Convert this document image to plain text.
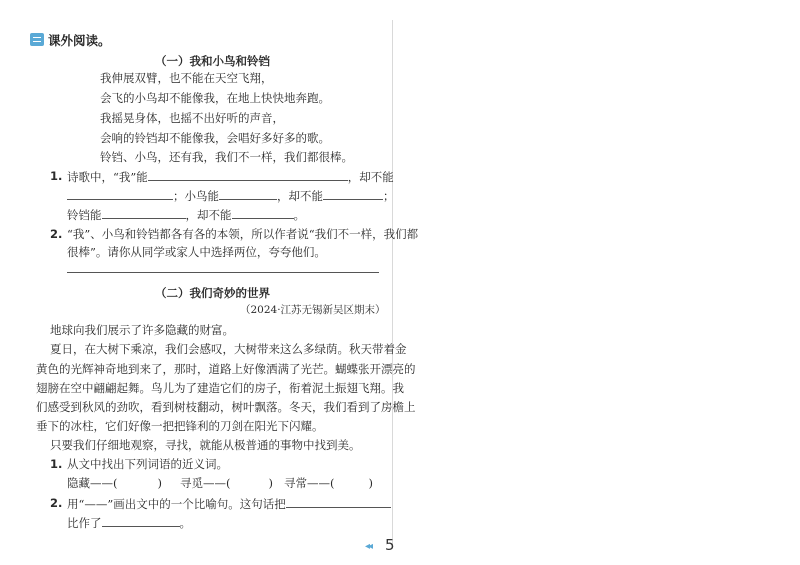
课外阅读。
（一）我和小鸟和铃铛
我伸展双臂，也不能在天空飞翔，
会飞的小鸟却不能像我，在地上快快地奔跑。
我摇晃身体，也摇不出好听的声音，
会响的铃铛却不能像我，会唱好多好多的歌。
铃铛、小鸟，还有我，我们不一样，我们都很棒。
1. 诗歌中，“我”能	，却不能
；小鸟能	，却不能	；
铃铛能	，却不能	。
2. “我”、小鸟和铃铛都各有各的本领，所以作者说“我们不一样，我们都
很棒”。请你从同学或家人中选择两位，夸夸他们。
（二）我们奇妙的世界
（2024·江苏无锡新吴区期末）
地球向我们展示了许多隐藏的财富。
夏日，在大树下乘凉，我们会感叹，大树带来这么多绿荫。秋天带着金
黄色的光辉神奇地到来了，那时，道路上好像洒满了光芒。蝴蝶张开漂亮的
翅膀在空中翩翩起舞。鸟儿为了建造它们的房子，衔着泥土振翅飞翔。我
们感受到秋风的劲吹，看到树枝翻动，树叶飘落。冬天，我们看到了房檐上
垂下的冰柱，它们好像一把把锋利的刀剑在阳光下闪耀。
只要我们仔细地观察，寻找，就能从极普通的事物中找到美。
1. 从文中找出下列词语的近义词。
隐藏——(	) 寻觅——(	) 寻常——(	)
2. 用“——”画出文中的一个比喻句。这句话把
比作了	。
◂◂ 5
